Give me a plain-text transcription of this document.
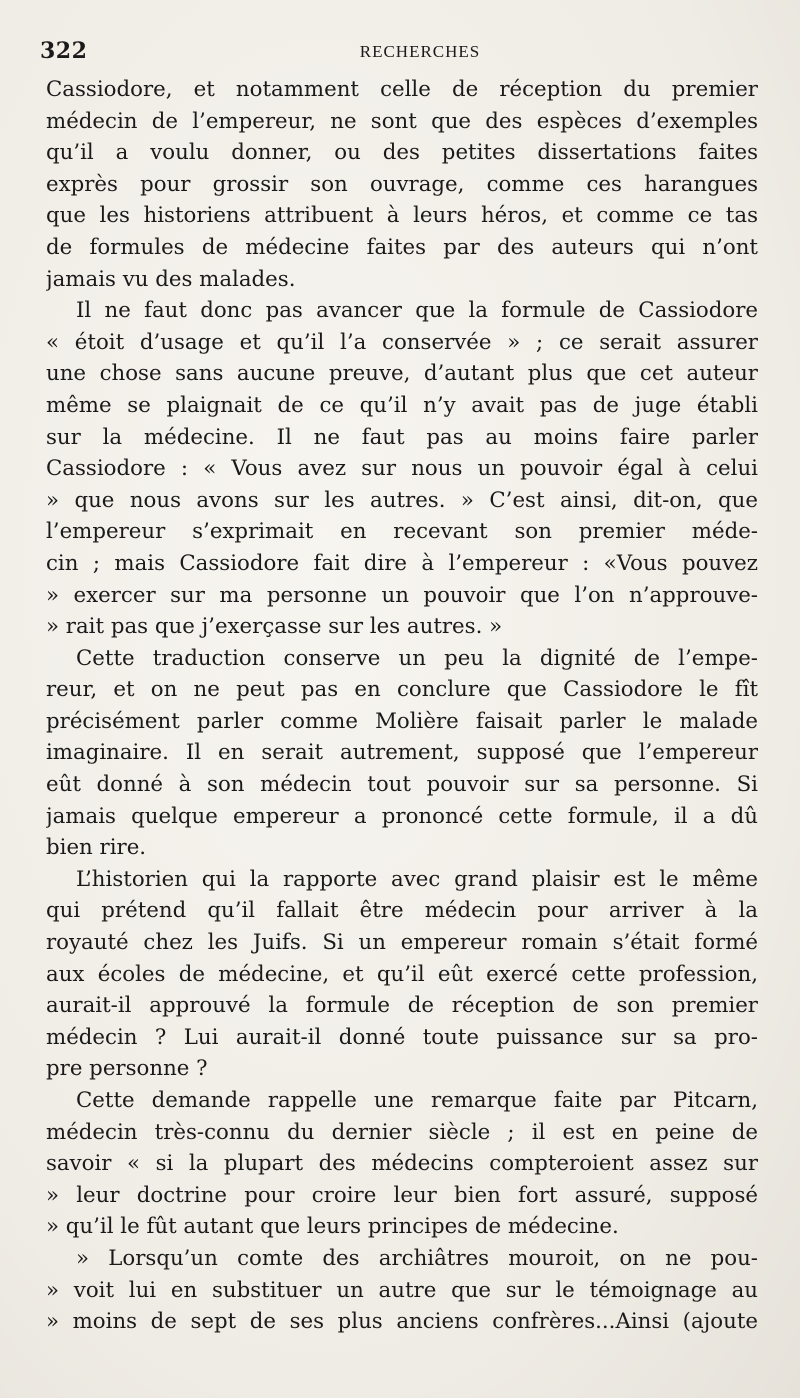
322	RECHERCHES
Cassiodore, et notamment celle de réception du premier
médecin de l’empereur, ne sont que des espèces d’exemples
qu’il a voulu donner, ou des petites dissertations faites
exprès pour grossir son ouvrage, comme ces harangues
que les historiens attribuent à leurs héros, et comme ce tas
de formules de médecine faites par des auteurs qui n’ont
jamais vu des malades.
Il ne faut donc pas avancer que la formule de Cassiodore
« étoit d’usage et qu’il l’a conservée » ; ce serait assurer
une chose sans aucune preuve, d’autant plus que cet auteur
même se plaignait de ce qu’il n’y avait pas de juge établi
sur la médecine. Il ne faut pas au moins faire parler
Cassiodore : « Vous avez sur nous un pouvoir égal à celui
» que nous avons sur les autres. » C’est ainsi, dit-on, que
l’empereur s’exprimait en recevant son premier méde-
cin ; mais Cassiodore fait dire à l’empereur : «Vous pouvez
» exercer sur ma personne un pouvoir que l’on n’approuve-
» rait pas que j’exerçasse sur les autres. »
Cette traduction conserve un peu la dignité de l’empe-
reur, et on ne peut pas en conclure que Cassiodore le fît
précisément parler comme Molière faisait parler le malade
imaginaire. Il en serait autrement, supposé que l’empereur
eût donné à son médecin tout pouvoir sur sa personne. Si
jamais quelque empereur a prononcé cette formule, il a dû
bien rire.
L’historien qui la rapporte avec grand plaisir est le même
qui prétend qu’il fallait être médecin pour arriver à la
royauté chez les Juifs. Si un empereur romain s’était formé
aux écoles de médecine, et qu’il eût exercé cette profession,
aurait-il approuvé la formule de réception de son premier
médecin ? Lui aurait-il donné toute puissance sur sa pro-
pre personne ?
Cette demande rappelle une remarque faite par Pitcarn,
médecin très-connu du dernier siècle ; il est en peine de
savoir « si la plupart des médecins compteroient assez sur
» leur doctrine pour croire leur bien fort assuré, supposé
» qu’il le fût autant que leurs principes de médecine.
» Lorsqu’un comte des archiâtres mouroit, on ne pou-
» voit lui en substituer un autre que sur le témoignage au
» moins de sept de ses plus anciens confrères...Ainsi (ajoute
